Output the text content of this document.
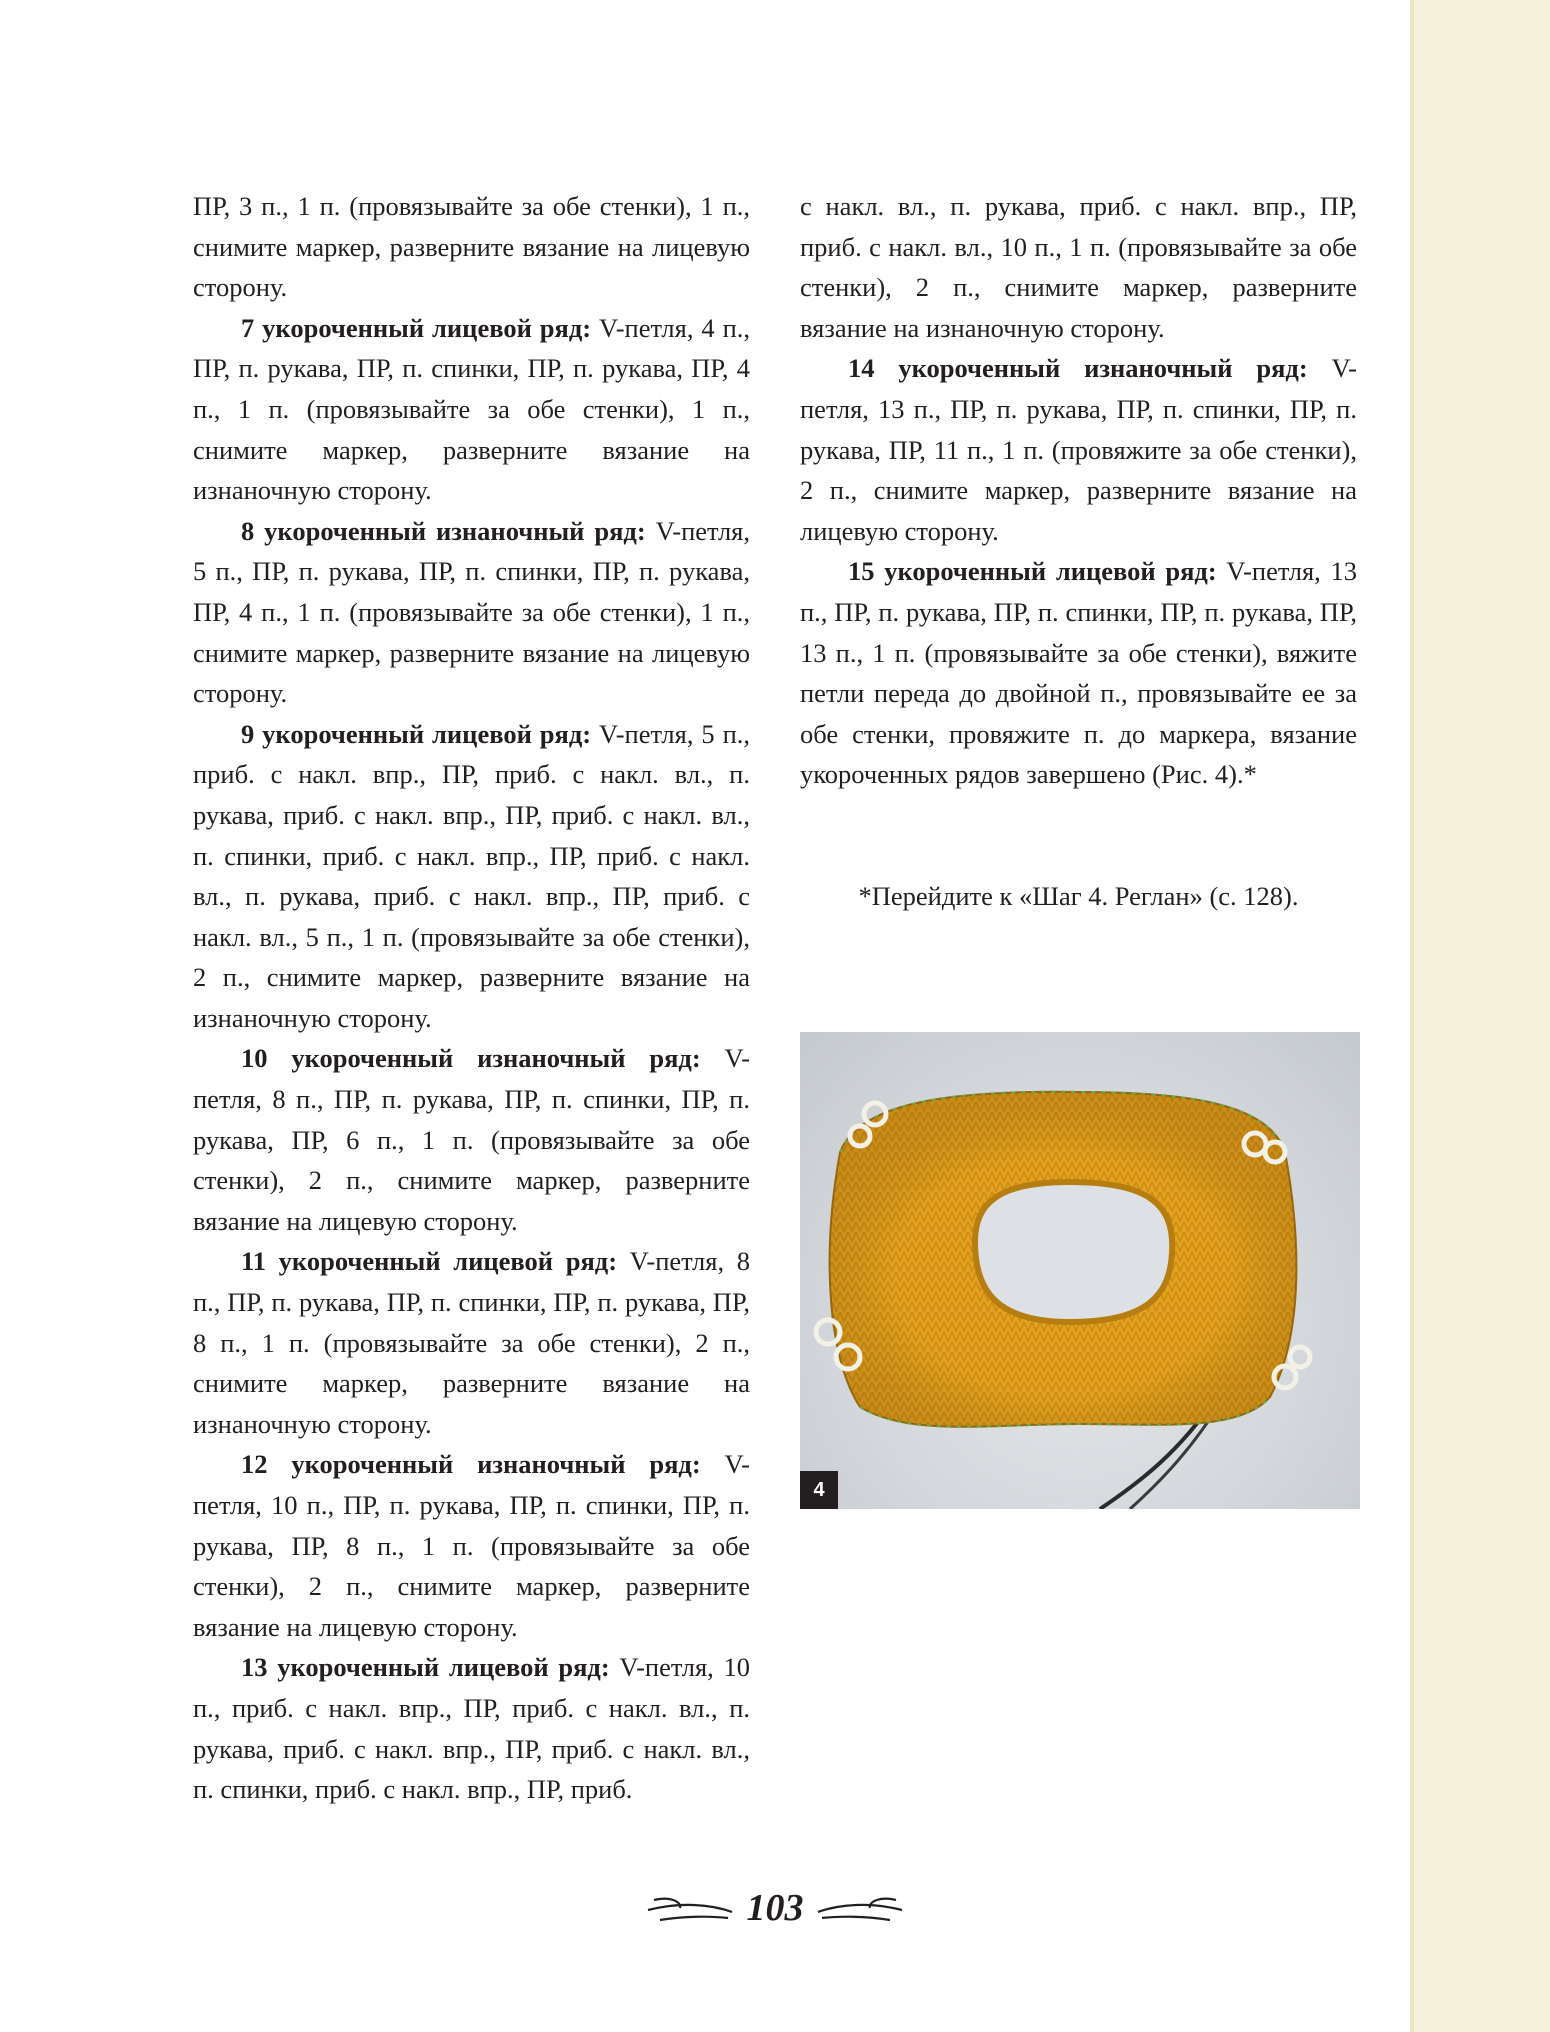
ПР, 3 п., 1 п. (провязывайте за обе стенки), 1 п., снимите маркер, разверните вязание на лицевую сторону.

7 укороченный лицевой ряд: V-петля, 4 п., ПР, п. рукава, ПР, п. спинки, ПР, п. рукава, ПР, 4 п., 1 п. (провязывайте за обе стенки), 1 п., снимите маркер, разверните вязание на изнаночную сторону.

8 укороченный изнаночный ряд: V-петля, 5 п., ПР, п. рукава, ПР, п. спинки, ПР, п. рукава, ПР, 4 п., 1 п. (провязывайте за обе стенки), 1 п., снимите маркер, разверните вязание на лицевую сторону.

9 укороченный лицевой ряд: V-петля, 5 п., приб. с накл. впр., ПР, приб. с накл. вл., п. рукава, приб. с накл. впр., ПР, приб. с накл. вл., п. спинки, приб. с накл. впр., ПР, приб. с накл. вл., п. рукава, приб. с накл. впр., ПР, приб. с накл. вл., 5 п., 1 п. (провязывайте за обе стенки), 2 п., снимите маркер, разверните вязание на изнаночную сторону.

10 укороченный изнаночный ряд: V-петля, 8 п., ПР, п. рукава, ПР, п. спинки, ПР, п. рукава, ПР, 6 п., 1 п. (провязывайте за обе стенки), 2 п., снимите маркер, разверните вязание на лицевую сторону.

11 укороченный лицевой ряд: V-петля, 8 п., ПР, п. рукава, ПР, п. спинки, ПР, п. рукава, ПР, 8 п., 1 п. (провязывайте за обе стенки), 2 п., снимите маркер, разверните вязание на изнаночную сторону.

12 укороченный изнаночный ряд: V-петля, 10 п., ПР, п. рукава, ПР, п. спинки, ПР, п. рукава, ПР, 8 п., 1 п. (провязывайте за обе стенки), 2 п., снимите маркер, разверните вязание на лицевую сторону.

13 укороченный лицевой ряд: V-петля, 10 п., приб. с накл. впр., ПР, приб. с накл. вл., п. рукава, приб. с накл. впр., ПР, приб. с накл. вл., п. спинки, приб. с накл. впр., ПР, приб.

с накл. вл., п. рукава, приб. с накл. впр., ПР, приб. с накл. вл., 10 п., 1 п. (провязывайте за обе стенки), 2 п., снимите маркер, разверните вязание на изнаночную сторону.

14 укороченный изнаночный ряд: V-петля, 13 п., ПР, п. рукава, ПР, п. спинки, ПР, п. рукава, ПР, 11 п., 1 п. (провяжите за обе стенки), 2 п., снимите маркер, разверните вязание на лицевую сторону.

15 укороченный лицевой ряд: V-петля, 13 п., ПР, п. рукава, ПР, п. спинки, ПР, п. рукава, ПР, 13 п., 1 п. (провязывайте за обе стенки), вяжите петли переда до двойной п., провязывайте ее за обе стенки, провяжите п. до маркера, вязание укороченных рядов завершено (Рис. 4).*

*Перейдите к «Шаг 4. Реглан» (с. 128).
4
103
